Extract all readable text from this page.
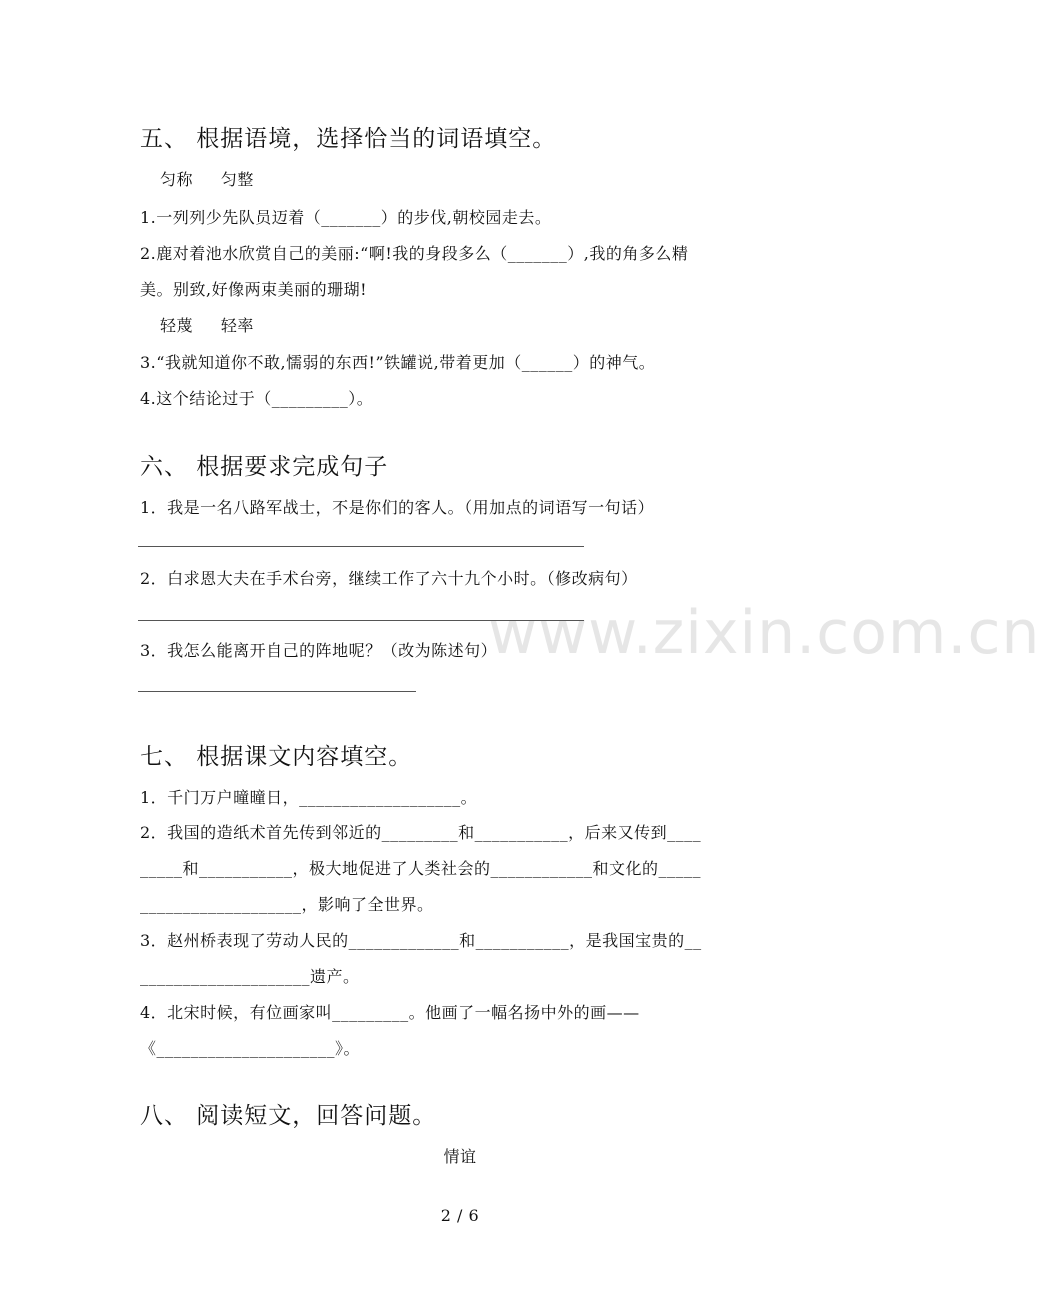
www.zixin.com.cn
五、 根据语境，选择恰当的词语填空。
匀称     匀整
1.一列列少先队员迈着（_______）的步伐,朝校园走去。
2.鹿对着池水欣赏自己的美丽:“啊!我的身段多么（_______）,我的角多么精
美。别致,好像两束美丽的珊瑚!
轻蔑     轻率
3.“我就知道你不敢,懦弱的东西!”铁罐说,带着更加（______）的神气。
4.这个结论过于（_________）。
六、 根据要求完成句子
1．我是一名八路军战士，不是你们的客人。（用加点的词语写一句话）
2．白求恩大夫在手术台旁，继续工作了六十九个小时。（修改病句）
3．我怎么能离开自己的阵地呢？（改为陈述句）
七、 根据课文内容填空。
1．千门万户曈曈日，___________________。
2．我国的造纸术首先传到邻近的_________和___________，后来又传到____
_____和___________，极大地促进了人类社会的____________和文化的_____
___________________，影响了全世界。
3．赵州桥表现了劳动人民的_____________和___________，是我国宝贵的__
____________________遗产。
4．北宋时候，有位画家叫_________。他画了一幅名扬中外的画——
《_____________________》。
八、 阅读短文，回答问题。
情谊
2 / 6
